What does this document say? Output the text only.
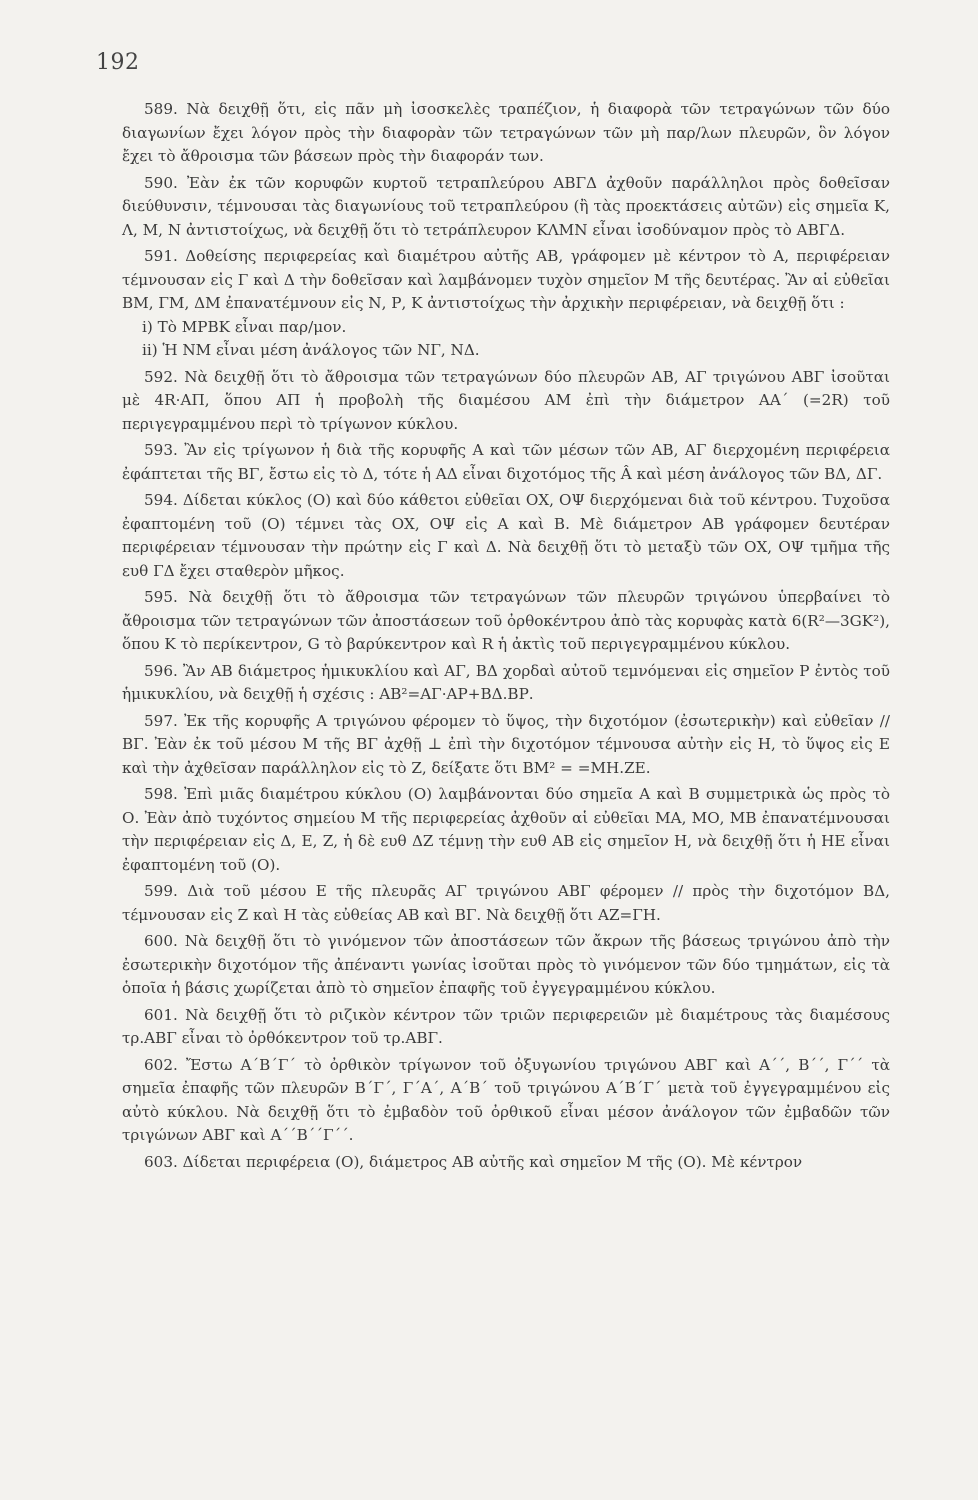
192

589. Νὰ δειχθῇ ὅτι, εἰς πᾶν μὴ ἰσοσκελὲς τραπέζιον, ἡ διαφορὰ τῶν τετραγώνων τῶν δύο διαγωνίων ἔχει λόγον πρὸς τὴν διαφορὰν τῶν τετραγώνων τῶν μὴ παρ/λων πλευρῶν, ὃν λόγον ἔχει τὸ ἄθροισμα τῶν βάσεων πρὸς τὴν διαφοράν των.

590. Ἐὰν ἐκ τῶν κορυφῶν κυρτοῦ τετραπλεύρου ΑΒΓΔ ἀχθοῦν παράλληλοι πρὸς δοθεῖσαν διεύθυνσιν, τέμνουσαι τὰς διαγωνίους τοῦ τετραπλεύρου (ἢ τὰς προεκτάσεις αὐτῶν) εἰς σημεῖα Κ, Λ, Μ, Ν ἀντιστοίχως, νὰ δειχθῇ ὅτι τὸ τετράπλευρον ΚΛΜΝ εἶναι ἰσοδύναμον πρὸς τὸ ΑΒΓΔ.

591. Δοθείσης περιφερείας καὶ διαμέτρου αὐτῆς ΑΒ, γράφομεν μὲ κέντρον τὸ Α, περιφέρειαν τέμνουσαν εἰς Γ καὶ Δ τὴν δοθεῖσαν καὶ λαμβάνομεν τυχὸν σημεῖον Μ τῆς δευτέρας. Ἂν αἱ εὐθεῖαι ΒΜ, ΓΜ, ΔΜ ἐπανατέμνουν εἰς Ν, Ρ, Κ ἀντιστοίχως τὴν ἀρχικὴν περιφέρειαν, νὰ δειχθῇ ὅτι :
i) Τὸ ΜΡΒΚ εἶναι παρ/μον.
ii) Ἡ ΝΜ εἶναι μέση ἀνάλογος τῶν ΝΓ, ΝΔ.

592. Νὰ δειχθῇ ὅτι τὸ ἄθροισμα τῶν τετραγώνων δύο πλευρῶν ΑΒ, ΑΓ τριγώνου ΑΒΓ ἰσοῦται μὲ 4R·ΑΠ, ὅπου ΑΠ ἡ προβολὴ τῆς διαμέσου ΑΜ ἐπὶ τὴν διάμετρον ΑΑ΄ (=2R) τοῦ περιγεγραμμένου περὶ τὸ τρίγωνον κύκλου.

593. Ἂν εἰς τρίγωνον ἡ διὰ τῆς κορυφῆς Α καὶ τῶν μέσων τῶν ΑΒ, ΑΓ διερχομένη περιφέρεια ἐφάπτεται τῆς ΒΓ, ἔστω εἰς τὸ Δ, τότε ἡ ΑΔ εἶναι διχοτόμος τῆς Â καὶ μέση ἀνάλογος τῶν ΒΔ, ΔΓ.

594. Δίδεται κύκλος (Ο) καὶ δύο κάθετοι εὐθεῖαι ΟΧ, ΟΨ διερχόμεναι διὰ τοῦ κέντρου. Τυχοῦσα ἐφαπτομένη τοῦ (Ο) τέμνει τὰς ΟΧ, ΟΨ εἰς Α καὶ Β. Μὲ διάμετρον ΑΒ γράφομεν δευτέραν περιφέρειαν τέμνουσαν τὴν πρώτην εἰς Γ καὶ Δ. Νὰ δειχθῇ ὅτι τὸ μεταξὺ τῶν ΟΧ, ΟΨ τμῆμα τῆς ευθ ΓΔ ἔχει σταθερὸν μῆκος.

595. Νὰ δειχθῇ ὅτι τὸ ἄθροισμα τῶν τετραγώνων τῶν πλευρῶν τριγώνου ὑπερβαίνει τὸ ἄθροισμα τῶν τετραγώνων τῶν ἀποστάσεων τοῦ ὀρθοκέντρου ἀπὸ τὰς κορυφὰς κατὰ 6(R²—3GK²), ὅπου Κ τὸ περίκεντρον, G τὸ βαρύκεντρον καὶ R ἡ ἀκτὶς τοῦ περιγεγραμμένου κύκλου.

596. Ἂν ΑΒ διάμετρος ἡμικυκλίου καὶ ΑΓ, ΒΔ χορδαὶ αὐτοῦ τεμνόμεναι εἰς σημεῖον Ρ ἐντὸς τοῦ ἡμικυκλίου, νὰ δειχθῇ ἡ σχέσις : ΑΒ²=ΑΓ·ΑΡ+ΒΔ.ΒΡ.

597. Ἐκ τῆς κορυφῆς Α τριγώνου φέρομεν τὸ ὕψος, τὴν διχοτόμον (ἐσωτερικὴν) καὶ εὐθεῖαν //ΒΓ. Ἐὰν ἐκ τοῦ μέσου Μ τῆς ΒΓ ἀχθῇ ⊥ ἐπὶ τὴν διχοτόμον τέμνουσα αὐτὴν εἰς Η, τὸ ὕψος εἰς Ε καὶ τὴν ἀχθεῖσαν παράλληλον εἰς τὸ Ζ, δείξατε ὅτι ΒΜ² = =ΜΗ.ΖΕ.

598. Ἐπὶ μιᾶς διαμέτρου κύκλου (Ο) λαμβάνονται δύο σημεῖα Α καὶ Β συμμετρικὰ ὡς πρὸς τὸ Ο. Ἐὰν ἀπὸ τυχόντος σημείου Μ τῆς περιφερείας ἀχθοῦν αἱ εὐθεῖαι ΜΑ, ΜΟ, ΜΒ ἐπανατέμνουσαι τὴν περιφέρειαν εἰς Δ, Ε, Ζ, ἡ δὲ ευθ ΔΖ τέμνῃ τὴν ευθ ΑΒ εἰς σημεῖον Η, νὰ δειχθῇ ὅτι ἡ ΗΕ εἶναι ἐφαπτομένη τοῦ (Ο).

599. Διὰ τοῦ μέσου Ε τῆς πλευρᾶς ΑΓ τριγώνου ΑΒΓ φέρομεν // πρὸς τὴν διχοτόμον ΒΔ, τέμνουσαν εἰς Ζ καὶ Η τὰς εὐθείας ΑΒ καὶ ΒΓ. Νὰ δειχθῇ ὅτι ΑΖ=ΓΗ.

600. Νὰ δειχθῇ ὅτι τὸ γινόμενον τῶν ἀποστάσεων τῶν ἄκρων τῆς βάσεως τριγώνου ἀπὸ τὴν ἐσωτερικὴν διχοτόμον τῆς ἀπέναντι γωνίας ἰσοῦται πρὸς τὸ γινόμενον τῶν δύο τμημάτων, εἰς τὰ ὁποῖα ἡ βάσις χωρίζεται ἀπὸ τὸ σημεῖον ἐπαφῆς τοῦ ἐγγεγραμμένου κύκλου.

601. Νὰ δειχθῇ ὅτι τὸ ριζικὸν κέντρον τῶν τριῶν περιφερειῶν μὲ διαμέτρους τὰς διαμέσους τρ.ΑΒΓ εἶναι τὸ ὀρθόκεντρον τοῦ τρ.ΑΒΓ.

602. Ἔστω Α΄Β΄Γ΄ τὸ ὀρθικὸν τρίγωνον τοῦ ὀξυγωνίου τριγώνου ΑΒΓ καὶ Α΄΄, Β΄΄, Γ΄΄ τὰ σημεῖα ἐπαφῆς τῶν πλευρῶν Β΄Γ΄, Γ΄Α΄, Α΄Β΄ τοῦ τριγώνου Α΄Β΄Γ΄ μετὰ τοῦ ἐγγεγραμμένου εἰς αὐτὸ κύκλου. Νὰ δειχθῇ ὅτι τὸ ἐμβαδὸν τοῦ ὀρθικοῦ εἶναι μέσον ἀνάλογον τῶν ἐμβαδῶν τῶν τριγώνων ΑΒΓ καὶ Α΄΄Β΄΄Γ΄΄.

603. Δίδεται περιφέρεια (Ο), διάμετρος ΑΒ αὐτῆς καὶ σημεῖον Μ τῆς (Ο). Μὲ κέντρον
